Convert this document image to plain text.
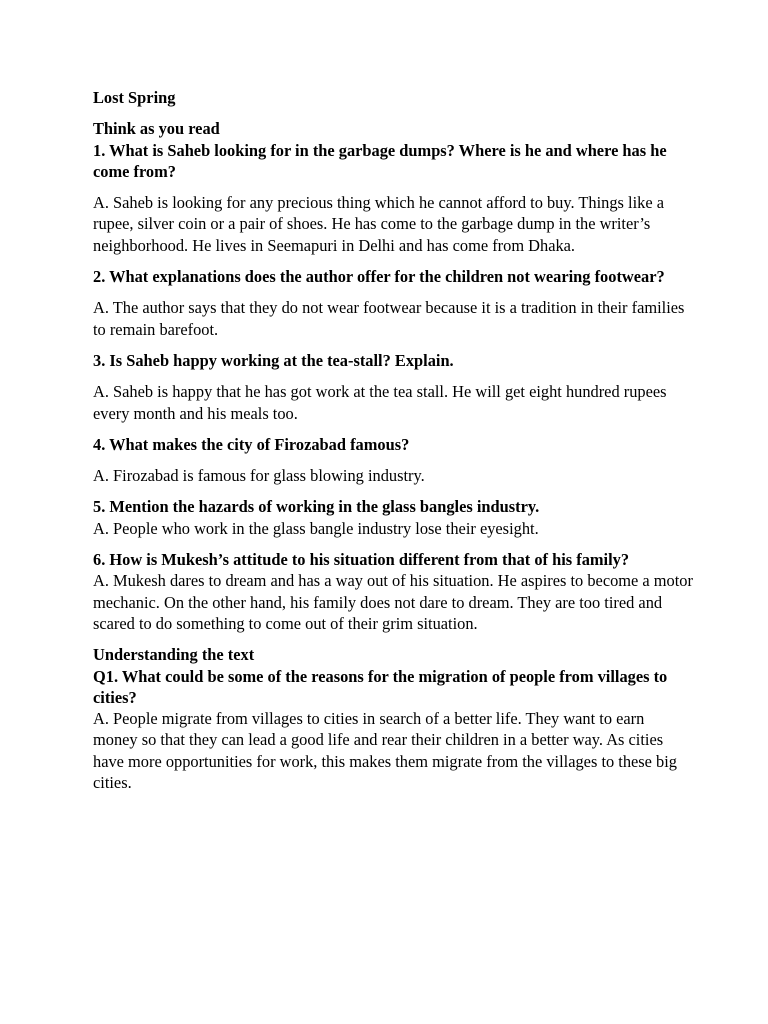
Lost Spring

Think as you read

1. What is Saheb looking for in the garbage dumps? Where is he and where has he come from?

A. Saheb is looking for any precious thing which he cannot afford to buy. Things like a rupee, silver coin or a pair of shoes. He has come to the garbage dump in the writer’s neighborhood. He lives in Seemapuri in Delhi and has come from Dhaka.

2. What explanations does the author offer for the children not wearing footwear?

A. The author says that they do not wear footwear because it is a tradition in their families to remain barefoot.

3. Is Saheb happy working at the tea-stall? Explain.

A. Saheb is happy that he has got work at the tea stall. He will get eight hundred rupees every month and his meals too.

4. What makes the city of Firozabad famous?

A. Firozabad is famous for glass blowing industry.

5. Mention the hazards of working in the glass bangles industry.

A. People who work in the glass bangle industry lose their eyesight.

6. How is Mukesh’s attitude to his situation different from that of his family?

A. Mukesh dares to dream and has a way out of his situation. He aspires to become a motor mechanic. On the other hand, his family does not dare to dream. They are too tired and scared to do something to come out of their grim situation.

Understanding the text

Q1. What could be some of the reasons for the migration of people from villages to cities?

A. People migrate from villages to cities in search of a better life. They want to earn money so that they can lead a good life and rear their children in a better way. As cities have more opportunities for work, this makes them migrate from the villages to these big cities.
